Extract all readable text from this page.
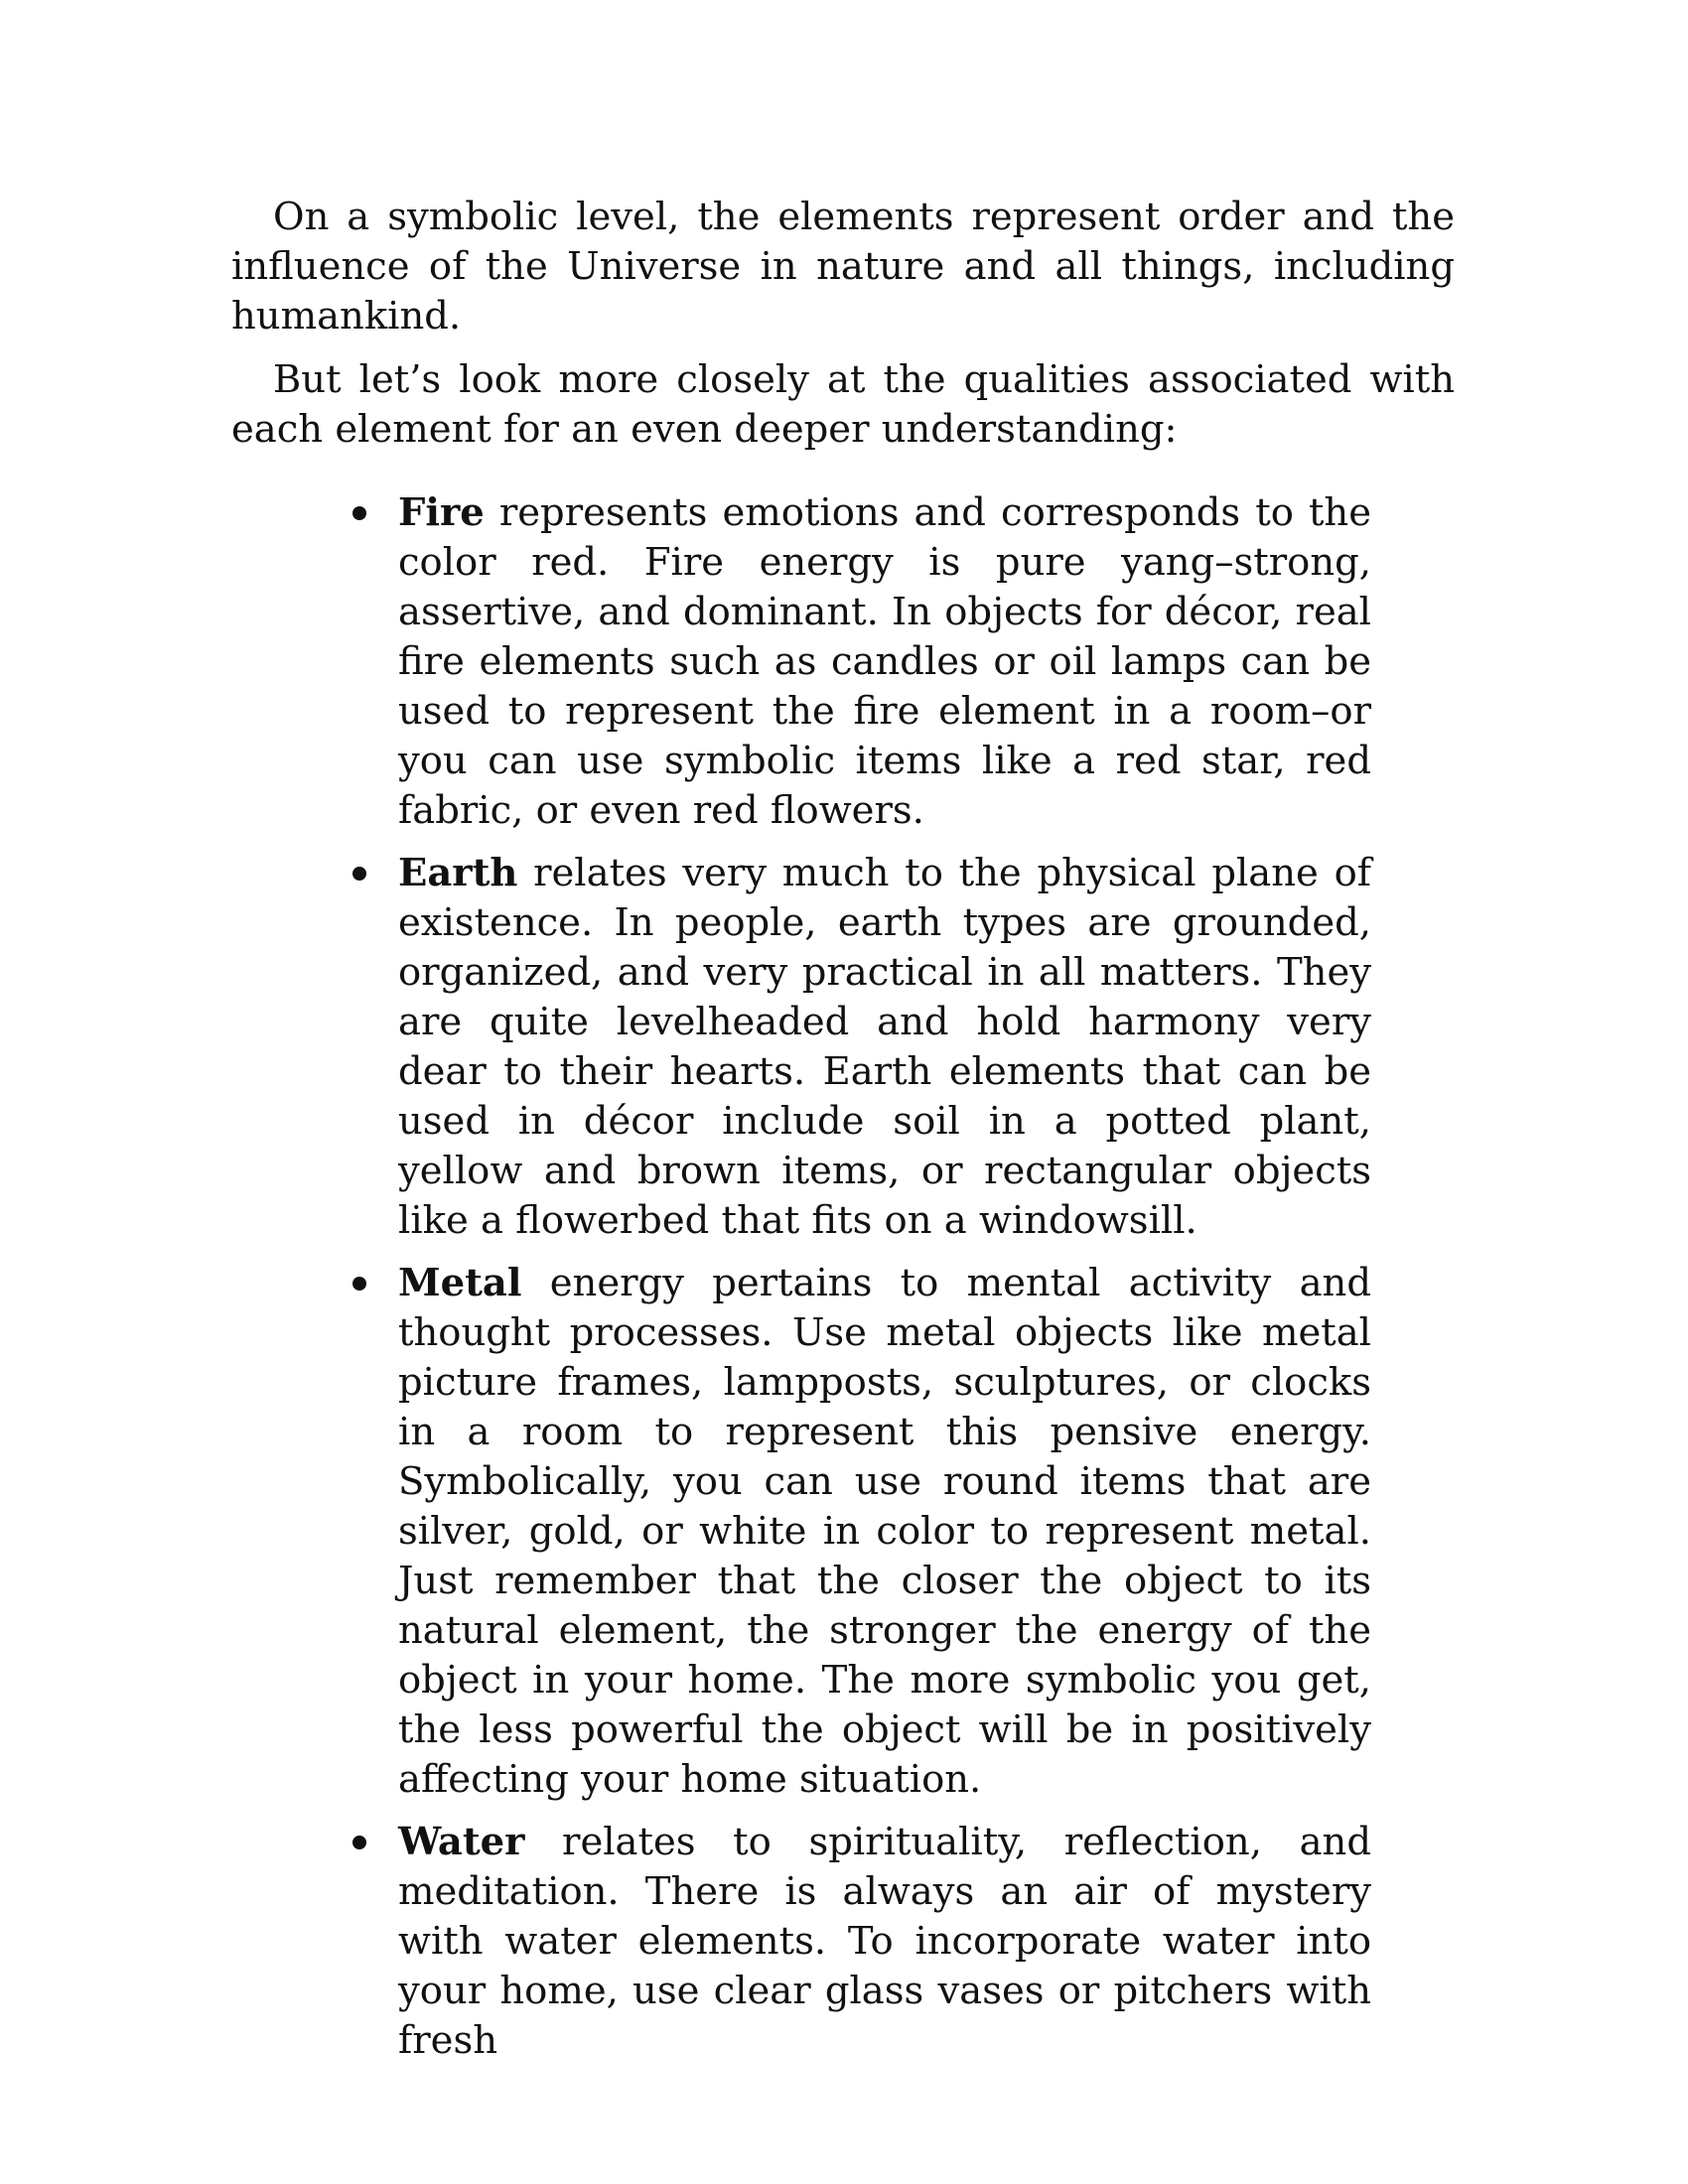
On a symbolic level, the elements represent order and the influence of the Universe in nature and all things, including humankind.

But let’s look more closely at the qualities associated with each element for an even deeper understanding:

Fire represents emotions and corresponds to the color red. Fire energy is pure yang–strong, assertive, and dominant. In objects for décor, real fire elements such as candles or oil lamps can be used to represent the fire element in a room–or you can use symbolic items like a red star, red fabric, or even red flowers.
Earth relates very much to the physical plane of existence. In people, earth types are grounded, organized, and very practical in all matters. They are quite levelheaded and hold harmony very dear to their hearts. Earth elements that can be used in décor include soil in a potted plant, yellow and brown items, or rectangular objects like a flowerbed that fits on a windowsill.
Metal energy pertains to mental activity and thought processes. Use metal objects like metal picture frames, lampposts, sculptures, or clocks in a room to represent this pensive energy. Symbolically, you can use round items that are silver, gold, or white in color to represent metal. Just remember that the closer the object to its natural element, the stronger the energy of the object in your home. The more symbolic you get, the less powerful the object will be in positively affecting your home situation.
Water relates to spirituality, reflection, and meditation. There is always an air of mystery with water elements. To incorporate water into your home, use clear glass vases or pitchers with fresh
